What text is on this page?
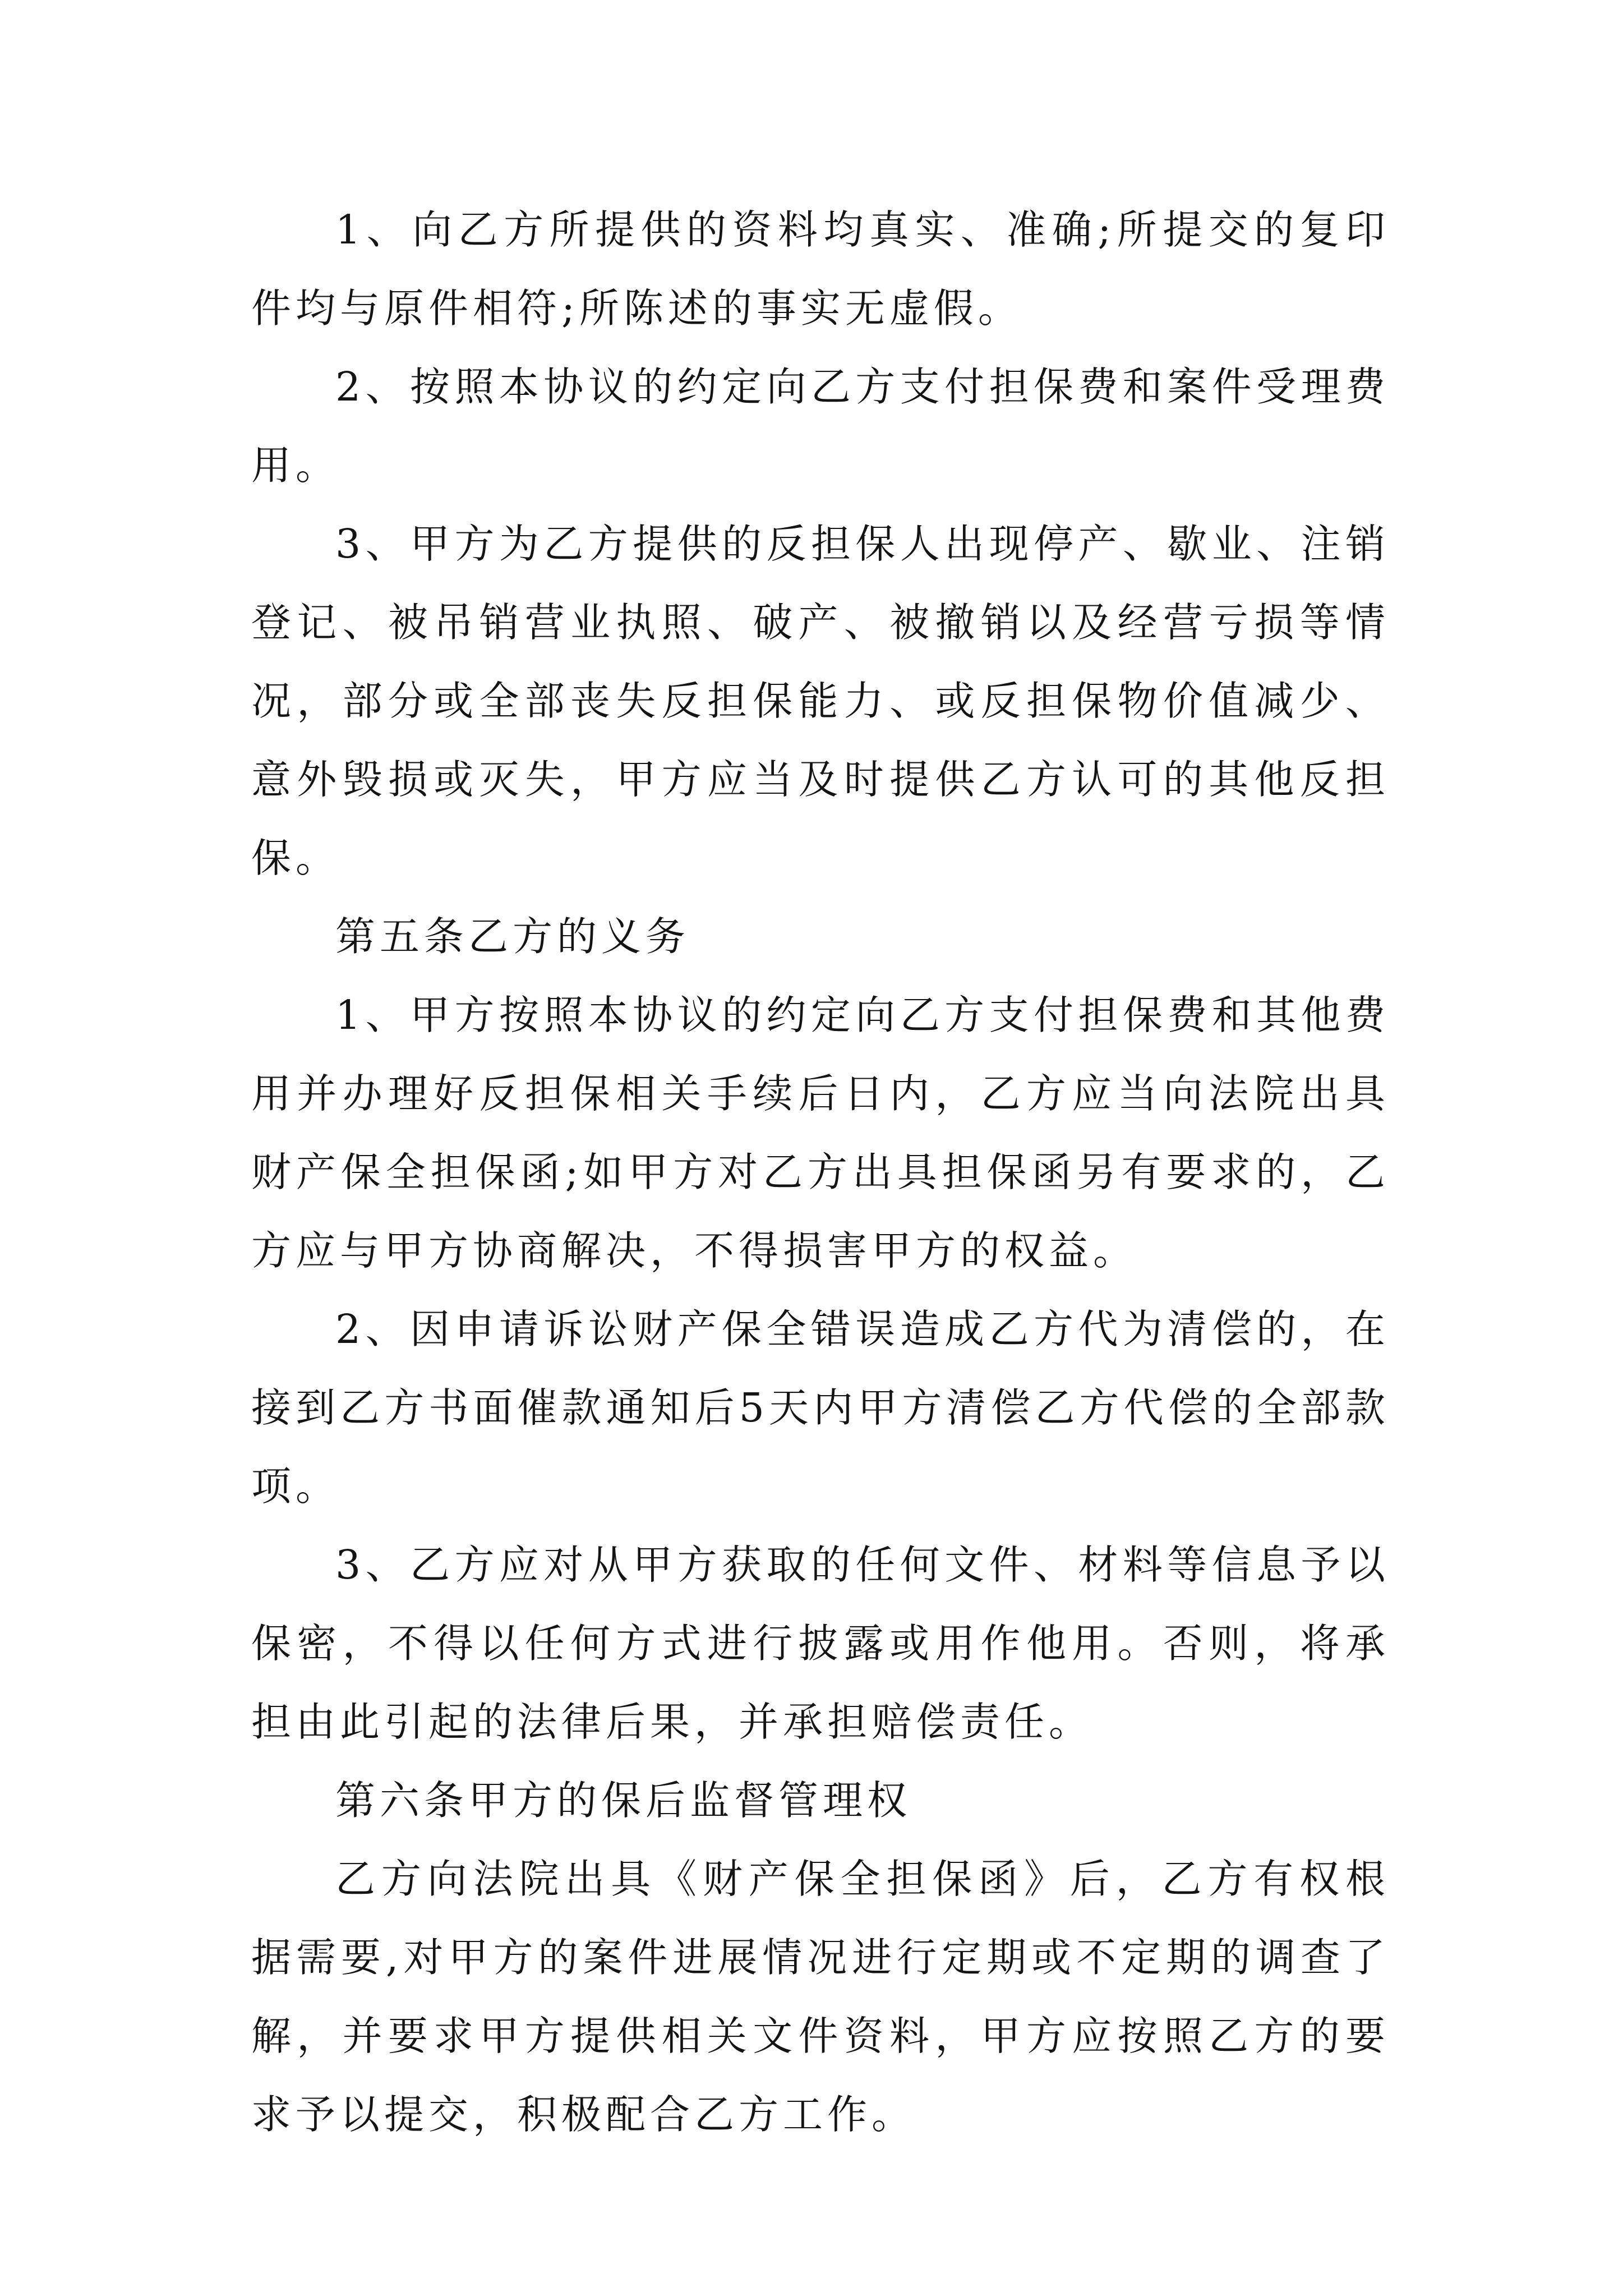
1、向乙方所提供的资料均真实、准确;所提交的复印件均与原件相符;所陈述的事实无虚假。

2、按照本协议的约定向乙方支付担保费和案件受理费用。

3、甲方为乙方提供的反担保人出现停产、歇业、注销登记、被吊销营业执照、破产、被撤销以及经营亏损等情况，部分或全部丧失反担保能力、或反担保物价值减少、意外毁损或灭失，甲方应当及时提供乙方认可的其他反担保。

第五条乙方的义务

1、甲方按照本协议的约定向乙方支付担保费和其他费用并办理好反担保相关手续后日内，乙方应当向法院出具财产保全担保函;如甲方对乙方出具担保函另有要求的，乙方应与甲方协商解决，不得损害甲方的权益。

2、因申请诉讼财产保全错误造成乙方代为清偿的，在接到乙方书面催款通知后5天内甲方清偿乙方代偿的全部款项。

3、乙方应对从甲方获取的任何文件、材料等信息予以保密，不得以任何方式进行披露或用作他用。否则，将承担由此引起的法律后果，并承担赔偿责任。

第六条甲方的保后监督管理权

乙方向法院出具《财产保全担保函》后，乙方有权根据需要,对甲方的案件进展情况进行定期或不定期的调查了解，并要求甲方提供相关文件资料，甲方应按照乙方的要求予以提交，积极配合乙方工作。
